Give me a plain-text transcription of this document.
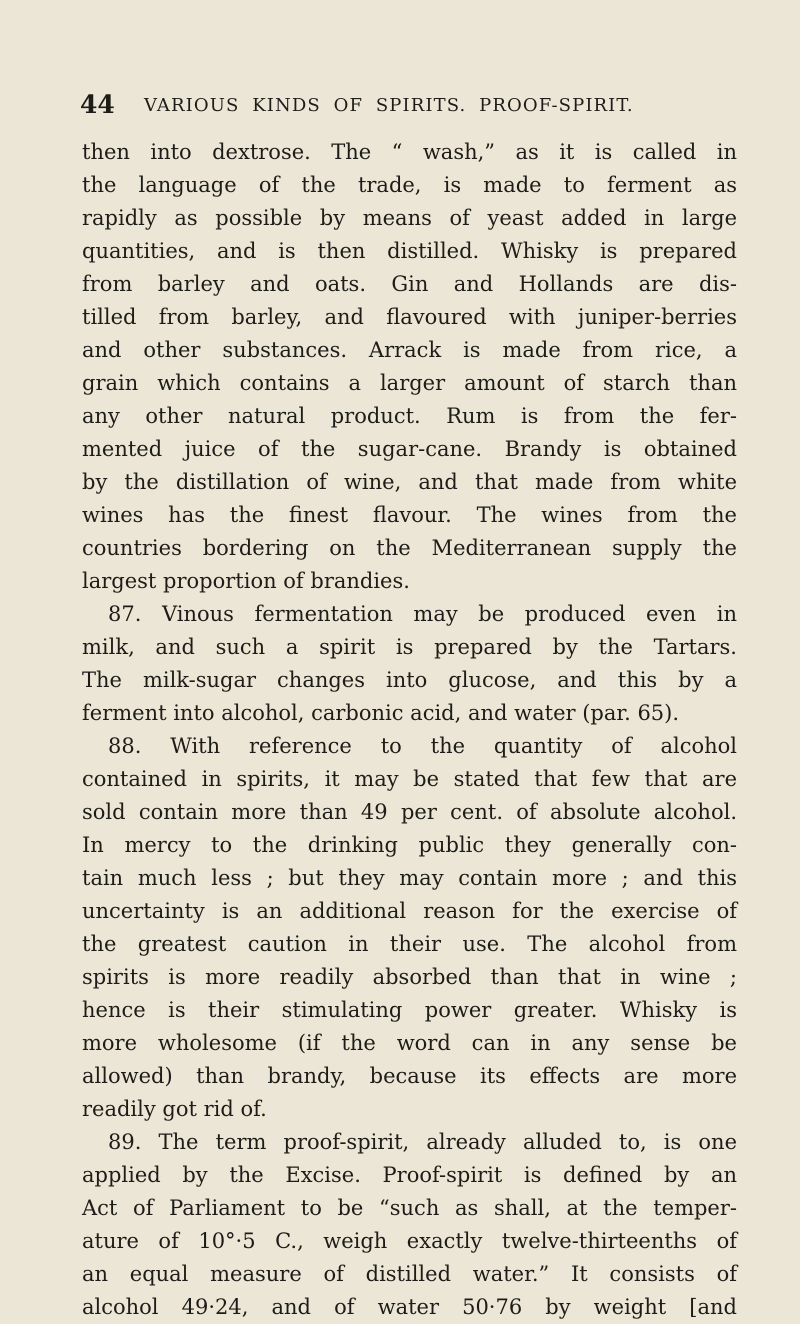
44 VARIOUS KINDS OF SPIRITS. PROOF-SPIRIT.
then into dextrose. The “ wash,” as it is called in
the language of the trade, is made to ferment as
rapidly as possible by means of yeast added in large
quantities, and is then distilled. Whisky is prepared
from barley and oats. Gin and Hollands are dis-
tilled from barley, and flavoured with juniper-berries
and other substances. Arrack is made from rice, a
grain which contains a larger amount of starch than
any other natural product. Rum is from the fer-
mented juice of the sugar-cane. Brandy is obtained
by the distillation of wine, and that made from white
wines has the finest flavour. The wines from the
countries bordering on the Mediterranean supply the
largest proportion of brandies.
87. Vinous fermentation may be produced even in
milk, and such a spirit is prepared by the Tartars.
The milk-sugar changes into glucose, and this by a
ferment into alcohol, carbonic acid, and water (par. 65).
88. With reference to the quantity of alcohol
contained in spirits, it may be stated that few that are
sold contain more than 49 per cent. of absolute alcohol.
In mercy to the drinking public they generally con-
tain much less ; but they may contain more ; and this
uncertainty is an additional reason for the exercise of
the greatest caution in their use. The alcohol from
spirits is more readily absorbed than that in wine ;
hence is their stimulating power greater. Whisky is
more wholesome (if the word can in any sense be
allowed) than brandy, because its effects are more
readily got rid of.
89. The term proof-spirit, already alluded to, is one
applied by the Excise. Proof-spirit is defined by an
Act of Parliament to be “such as shall, at the temper-
ature of 10°·5 C., weigh exactly twelve-thirteenths of
an equal measure of distilled water.” It consists of
alcohol 49·24, and of water 50·76 by weight [and
